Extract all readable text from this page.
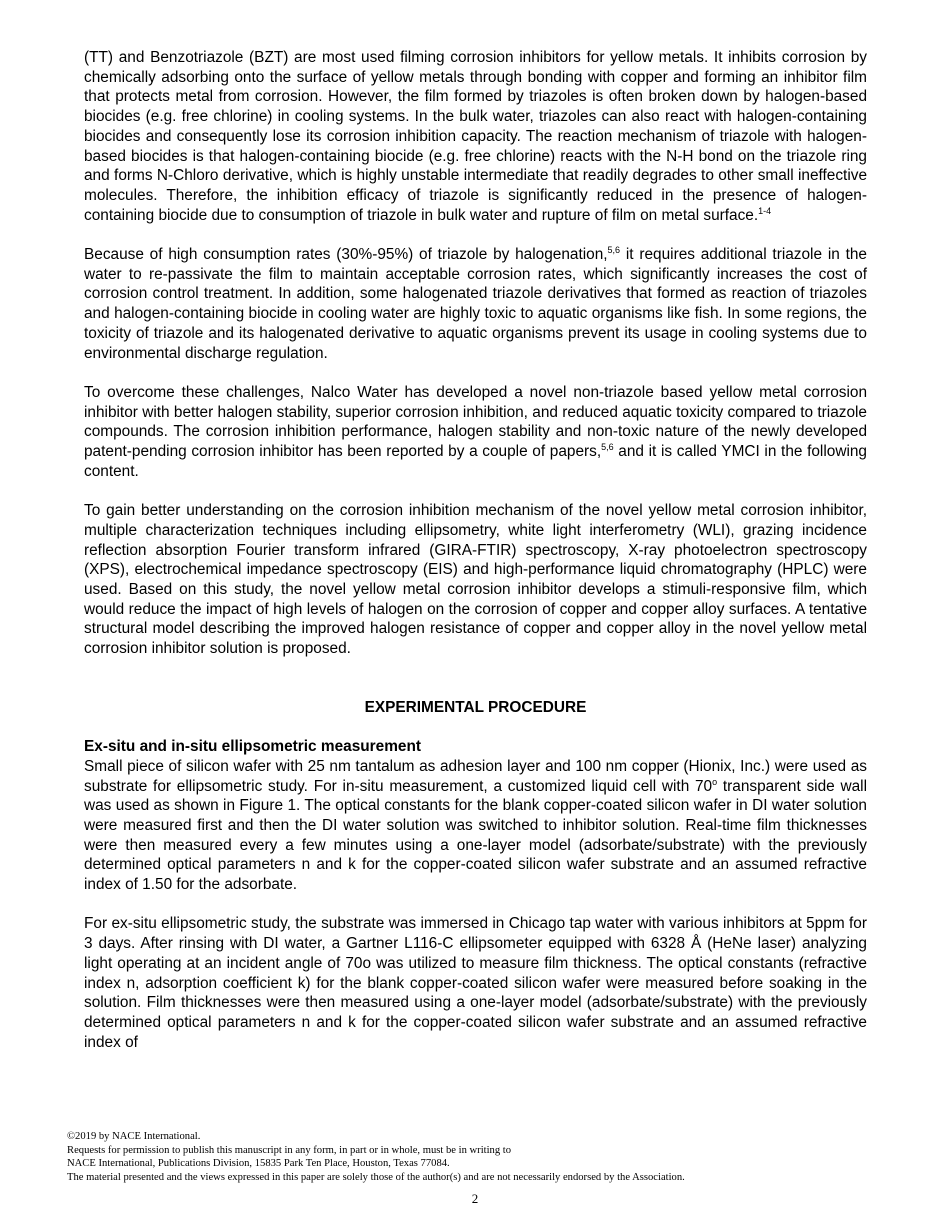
(TT) and Benzotriazole (BZT) are most used filming corrosion inhibitors for yellow metals. It inhibits corrosion by chemically adsorbing onto the surface of yellow metals through bonding with copper and forming an inhibitor film that protects metal from corrosion. However, the film formed by triazoles is often broken down by halogen-based biocides (e.g. free chlorine) in cooling systems. In the bulk water, triazoles can also react with halogen-containing biocides and consequently lose its corrosion inhibition capacity. The reaction mechanism of triazole with halogen-based biocides is that halogen-containing biocide (e.g. free chlorine) reacts with the N-H bond on the triazole ring and forms N-Chloro derivative, which is highly unstable intermediate that readily degrades to other small ineffective molecules. Therefore, the inhibition efficacy of triazole is significantly reduced in the presence of halogen-containing biocide due to consumption of triazole in bulk water and rupture of film on metal surface.$^{1-4}$

Because of high consumption rates (30%-95%) of triazole by halogenation,$^{5,6}$ it requires additional triazole in the water to re-passivate the film to maintain acceptable corrosion rates, which significantly increases the cost of corrosion control treatment. In addition, some halogenated triazole derivatives that formed as reaction of triazoles and halogen-containing biocide in cooling water are highly toxic to aquatic organisms like fish. In some regions, the toxicity of triazole and its halogenated derivative to aquatic organisms prevent its usage in cooling systems due to environmental discharge regulation.

To overcome these challenges, Nalco Water has developed a novel non-triazole based yellow metal corrosion inhibitor with better halogen stability, superior corrosion inhibition, and reduced aquatic toxicity compared to triazole compounds. The corrosion inhibition performance, halogen stability and non-toxic nature of the newly developed patent-pending corrosion inhibitor has been reported by a couple of papers,$^{5,6}$ and it is called YMCI in the following content.

To gain better understanding on the corrosion inhibition mechanism of the novel yellow metal corrosion inhibitor, multiple characterization techniques including ellipsometry, white light interferometry (WLI), grazing incidence reflection absorption Fourier transform infrared (GIRA-FTIR) spectroscopy, X-ray photoelectron spectroscopy (XPS), electrochemical impedance spectroscopy (EIS) and high-performance liquid chromatography (HPLC) were used. Based on this study, the novel yellow metal corrosion inhibitor develops a stimuli-responsive film, which would reduce the impact of high levels of halogen on the corrosion of copper and copper alloy surfaces. A tentative structural model describing the improved halogen resistance of copper and copper alloy in the novel yellow metal corrosion inhibitor solution is proposed.

EXPERIMENTAL PROCEDURE
Ex-situ and in-situ ellipsometric measurement

Small piece of silicon wafer with 25 nm tantalum as adhesion layer and 100 nm copper (Hionix, Inc.) were used as substrate for ellipsometric study. For in-situ measurement, a customized liquid cell with 70$^o$ transparent side wall was used as shown in Figure 1. The optical constants for the blank copper-coated silicon wafer in DI water solution were measured first and then the DI water solution was switched to inhibitor solution. Real-time film thicknesses were then measured every a few minutes using a one-layer model (adsorbate/substrate) with the previously determined optical parameters n and k for the copper-coated silicon wafer substrate and an assumed refractive index of 1.50 for the adsorbate.

For ex-situ ellipsometric study, the substrate was immersed in Chicago tap water with various inhibitors at 5ppm for 3 days. After rinsing with DI water, a Gartner L116-C ellipsometer equipped with 6328 Å (HeNe laser) analyzing light operating at an incident angle of 70o was utilized to measure film thickness. The optical constants (refractive index n, adsorption coefficient k) for the blank copper-coated silicon wafer were measured before soaking in the solution. Film thicknesses were then measured using a one-layer model (adsorbate/substrate) with the previously determined optical parameters n and k for the copper-coated silicon wafer substrate and an assumed refractive index of

©2019 by NACE International.
Requests for permission to publish this manuscript in any form, in part or in whole, must be in writing to
NACE International, Publications Division, 15835 Park Ten Place, Houston, Texas 77084.
The material presented and the views expressed in this paper are solely those of the author(s) and are not necessarily endorsed by the Association.
2
